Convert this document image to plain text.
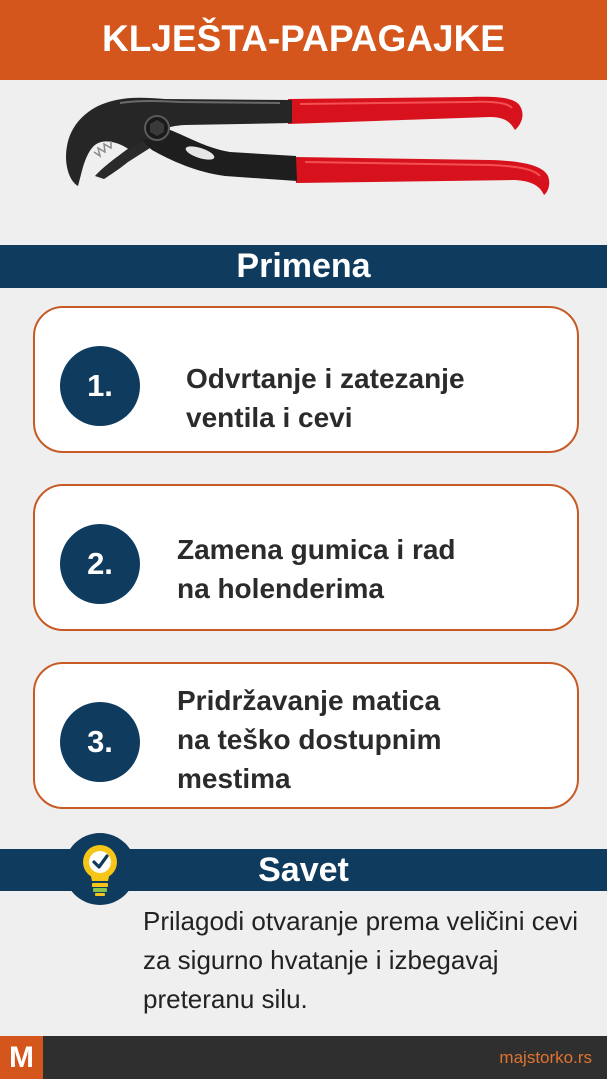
KLJEŠTA-PAPAGAJKE
Primena
1.	Odvrtanje i zatezanje
ventila i cevi
2.	Zamena gumica i rad
na holenderima
3.
Pridržavanje matica
na teško dostupnim
mestima
Savet
Prilagodi otvaranje prema veličini cevi
za sigurno hvatanje i izbegavaj
preteranu silu.
M	majstorko.rs
